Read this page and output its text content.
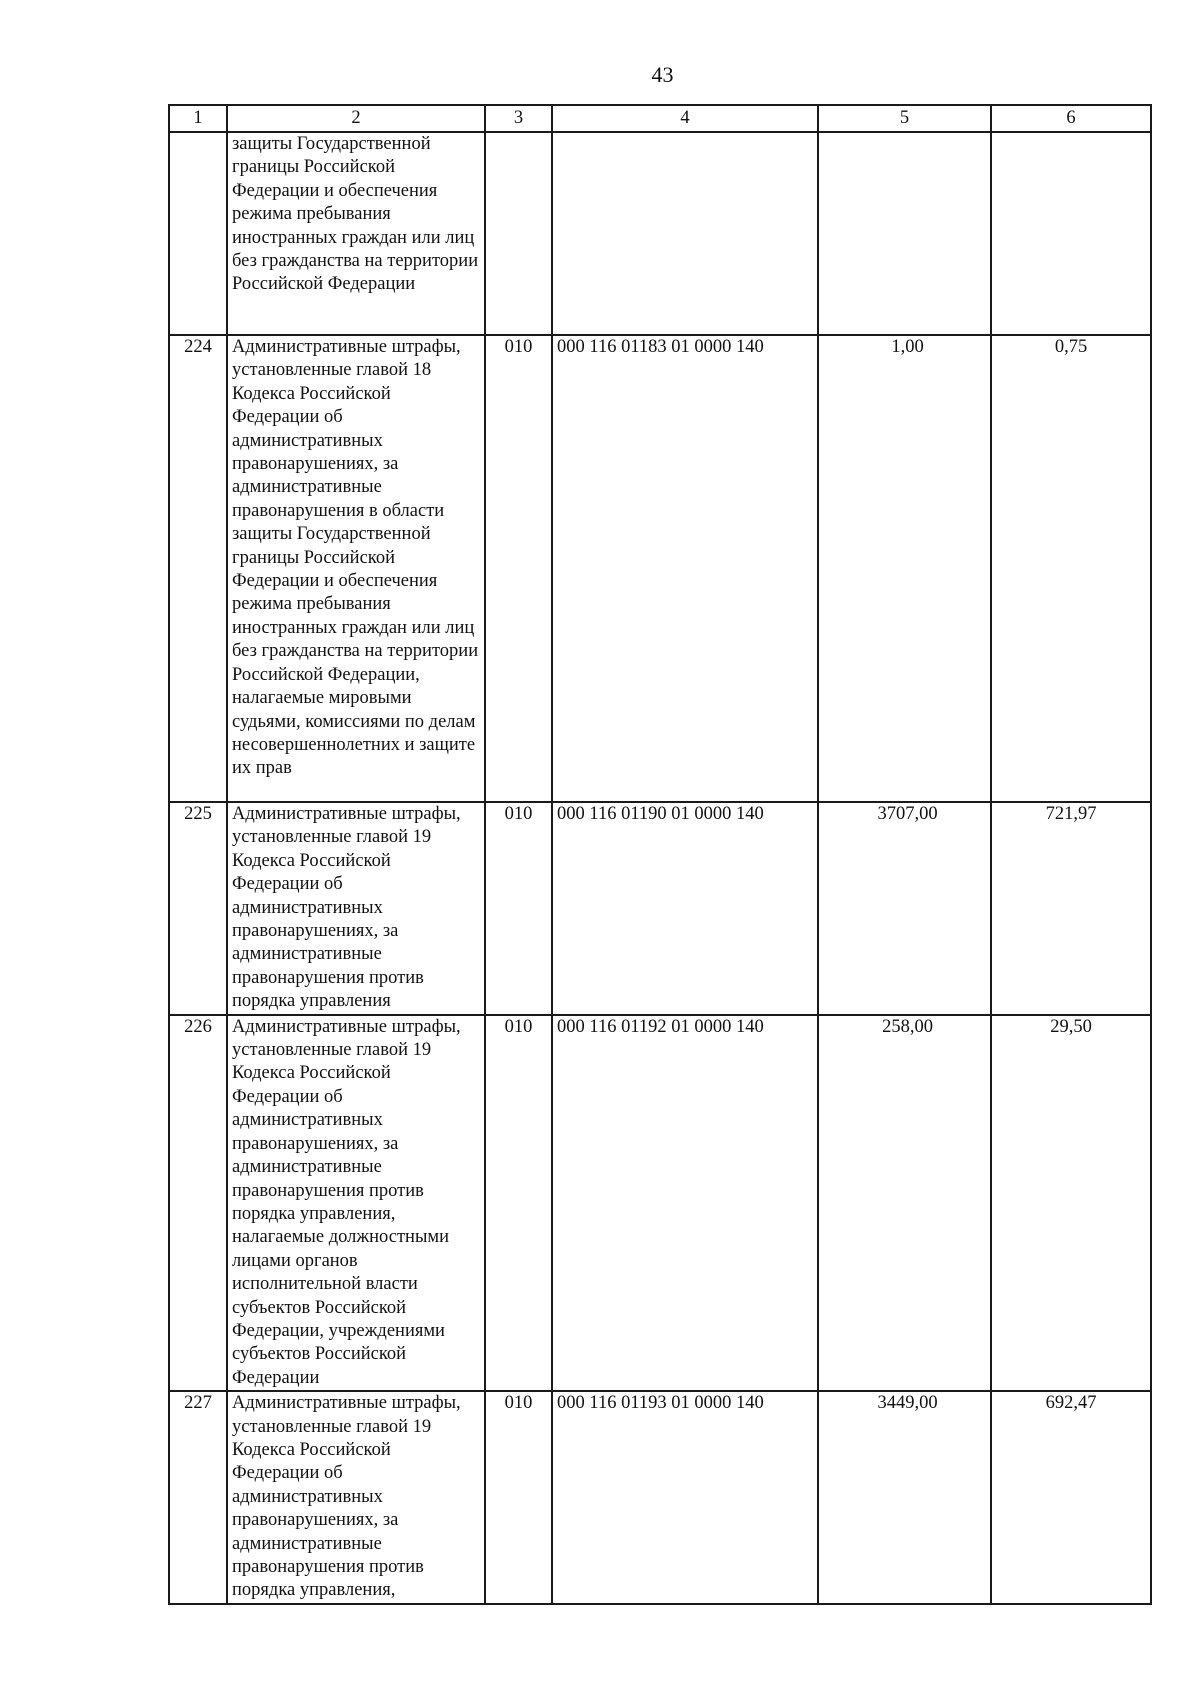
43
1	2	3	4	5	6
	защиты Государственной границы Российской Федерации и обеспечения режима пребывания иностранных граждан или лиц без гражданства на территории Российской Федерации				
224	Административные штрафы, установленные главой 18 Кодекса Российской Федерации об административных правонарушениях, за административные правонарушения в области защиты Государственной границы Российской Федерации и обеспечения режима пребывания иностранных граждан или лиц без гражданства на территории Российской Федерации, налагаемые мировыми судьями, комиссиями по делам несовершеннолетних и защите их прав	010	000 116 01183 01 0000 140	1,00	0,75
225	Административные штрафы, установленные главой 19 Кодекса Российской Федерации об административных правонарушениях, за административные правонарушения против порядка управления	010	000 116 01190 01 0000 140	3707,00	721,97
226	Административные штрафы, установленные главой 19 Кодекса Российской Федерации об административных правонарушениях, за административные правонарушения против порядка управления, налагаемые должностными лицами органов исполнительной власти субъектов Российской Федерации, учреждениями субъектов Российской Федерации	010	000 116 01192 01 0000 140	258,00	29,50
227	Административные штрафы, установленные главой 19 Кодекса Российской Федерации об административных правонарушениях, за административные правонарушения против порядка управления,	010	000 116 01193 01 0000 140	3449,00	692,47
